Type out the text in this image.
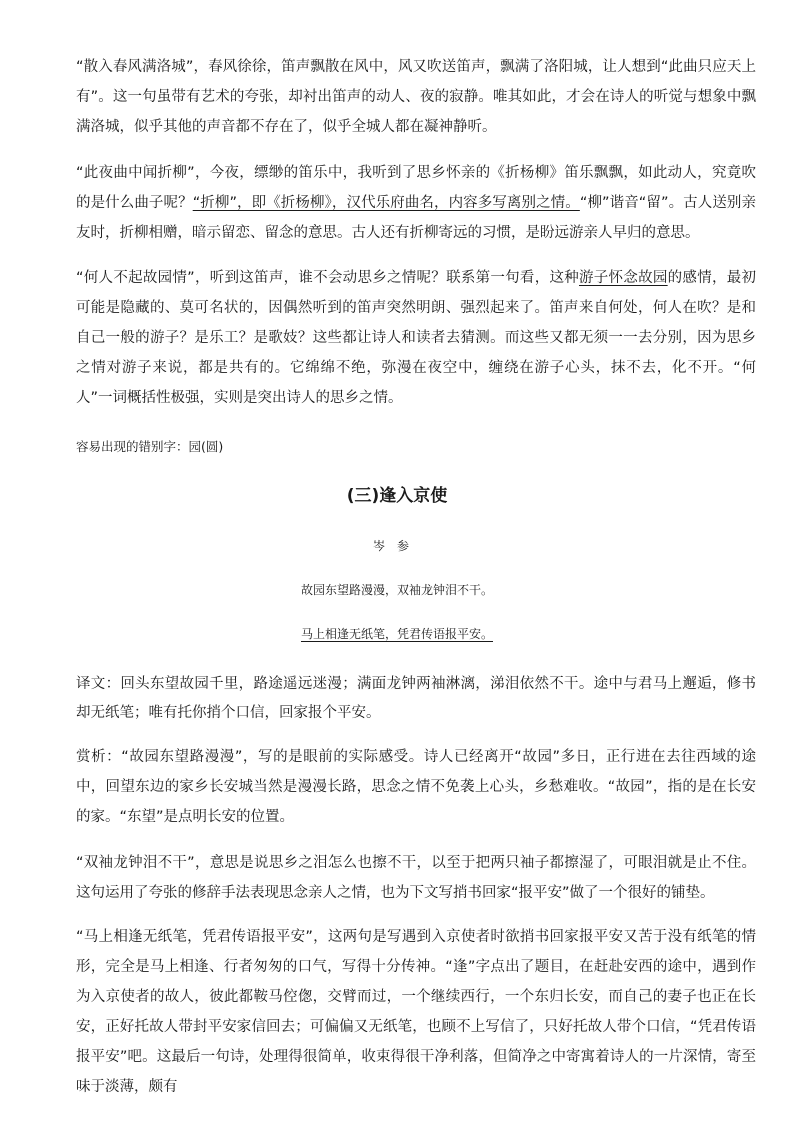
“散入春风满洛城”，春风徐徐，笛声飘散在风中，风又吹送笛声，飘满了洛阳城，让人想到“此曲只应天上有”。这一句虽带有艺术的夸张，却衬出笛声的动人、夜的寂静。唯其如此，才会在诗人的听觉与想象中飘满洛城，似乎其他的声音都不存在了，似乎全城人都在凝神静听。

“此夜曲中闻折柳”，今夜，缥缈的笛乐中，我听到了思乡怀亲的《折杨柳》笛乐飘飘，如此动人，究竟吹的是什么曲子呢？“折柳”，即《折杨柳》，汉代乐府曲名，内容多写离别之情。“柳”谐音“留”。古人送别亲友时，折柳相赠，暗示留恋、留念的意思。古人还有折柳寄远的习惯，是盼远游亲人早归的意思。

“何人不起故园情”，听到这笛声，谁不会动思乡之情呢？联系第一句看，这种游子怀念故园的感情，最初可能是隐藏的、莫可名状的，因偶然听到的笛声突然明朗、强烈起来了。笛声来自何处，何人在吹？是和自己一般的游子？是乐工？是歌妓？这些都让诗人和读者去猜测。而这些又都无须一一去分别，因为思乡之情对游子来说，都是共有的。它绵绵不绝，弥漫在夜空中，缠绕在游子心头，抹不去，化不开。“何人”一词概括性极强，实则是突出诗人的思乡之情。

容易出现的错别字：园(圆)

(三)逢入京使

岑参

故园东望路漫漫，双袖龙钟泪不干。

马上相逢无纸笔，凭君传语报平安。

译文：回头东望故园千里，路途遥远迷漫；满面龙钟两袖淋漓，涕泪依然不干。途中与君马上邂逅，修书却无纸笔；唯有托你捎个口信，回家报个平安。

赏析：“故园东望路漫漫”，写的是眼前的实际感受。诗人已经离开“故园”多日，正行进在去往西域的途中，回望东边的家乡长安城当然是漫漫长路，思念之情不免袭上心头，乡愁难收。“故园”，指的是在长安的家。“东望”是点明长安的位置。

“双袖龙钟泪不干”，意思是说思乡之泪怎么也擦不干，以至于把两只袖子都擦湿了，可眼泪就是止不住。这句运用了夸张的修辞手法表现思念亲人之情，也为下文写捎书回家“报平安”做了一个很好的铺垫。

“马上相逢无纸笔，凭君传语报平安”，这两句是写遇到入京使者时欲捎书回家报平安又苦于没有纸笔的情形，完全是马上相逢、行者匆匆的口气，写得十分传神。“逢”字点出了题目，在赶赴安西的途中，遇到作为入京使者的故人，彼此都鞍马倥偬，交臂而过，一个继续西行，一个东归长安，而自己的妻子也正在长安，正好托故人带封平安家信回去；可偏偏又无纸笔，也顾不上写信了，只好托故人带个口信，“凭君传语报平安”吧。这最后一句诗，处理得很简单，收束得很干净利落，但简净之中寄寓着诗人的一片深情，寄至味于淡薄，颇有
